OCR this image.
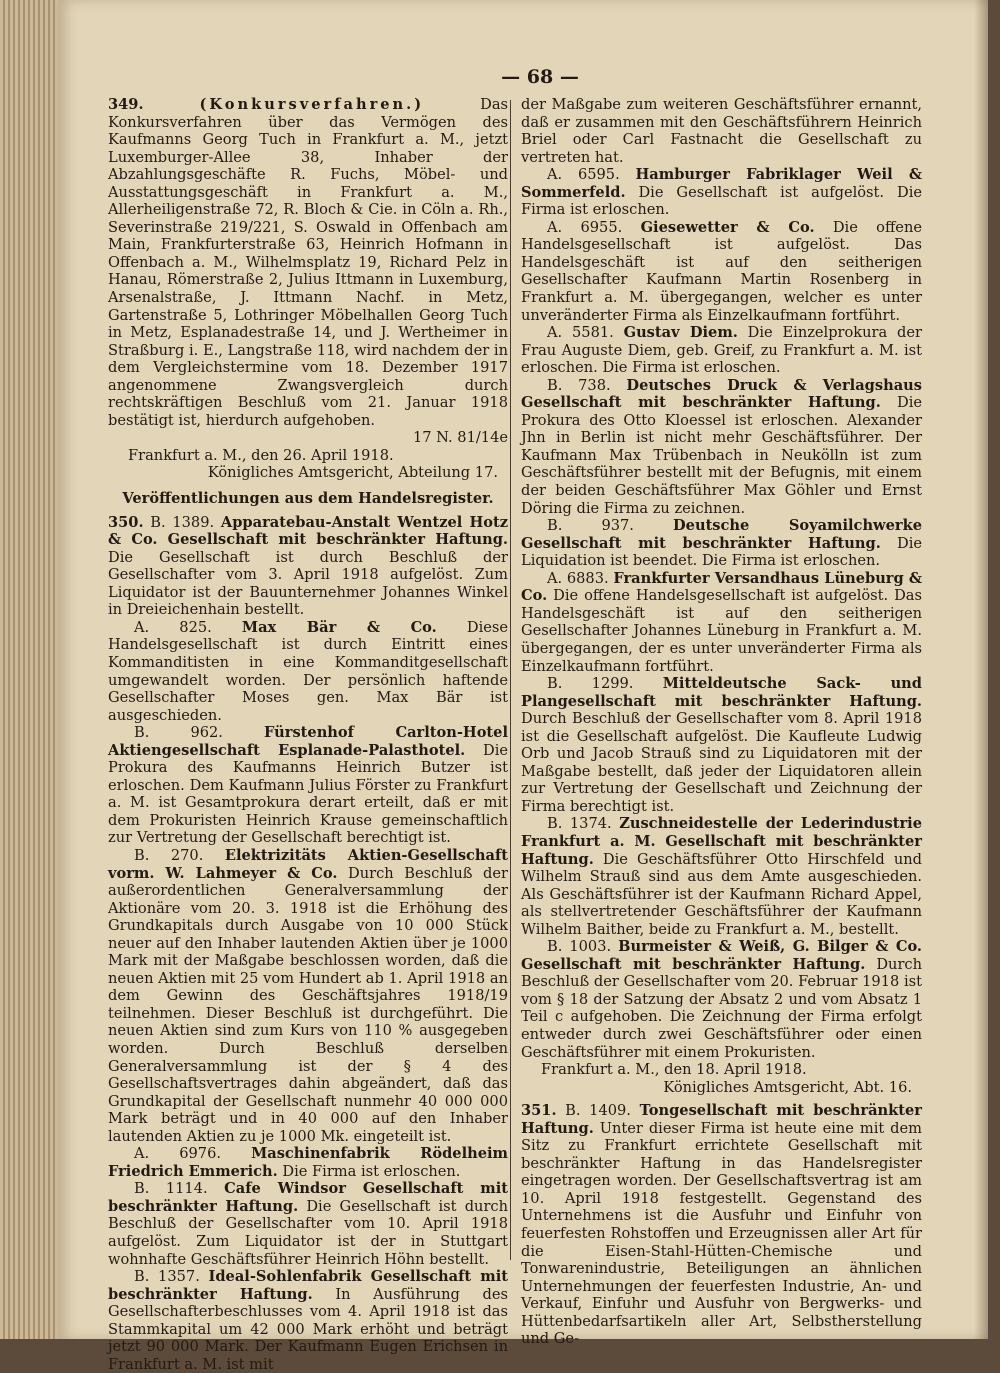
— 68 —

349.	(Konkursverfahren.)	Das Konkursverfahren über das Vermögen des Kaufmanns Georg Tuch in Frankfurt a. M., jetzt Luxemburger-Allee 38, Inhaber der Abzahlungsgeschäfte R. Fuchs, Möbel- und Ausstattungsgeschäft in Frankfurt a. M., Allerheiligenstraße 72, R. Bloch & Cie. in Cöln a. Rh., Severinstraße 219/221, S. Oswald in Offenbach am Main, Frankfurterstraße 63, Heinrich Hofmann in Offenbach a. M., Wilhelmsplatz 19, Richard Pelz in Hanau, Römerstraße 2, Julius Ittmann in Luxemburg, Arsenalstraße, J. Ittmann Nachf. in Metz, Gartenstraße 5, Lothringer Möbelhallen Georg Tuch in Metz, Esplanadestraße 14, und J. Wertheimer in Straßburg i. E., Langstraße 118, wird nachdem der in dem Vergleichstermine vom 18. Dezember 1917 angenommene Zwangsvergleich durch rechtskräftigen Beschluß vom 21. Januar 1918 bestätigt ist, hierdurch aufgehoben.

17 N. 81/14e

Frankfurt a. M., den 26. April 1918.

Königliches Amtsgericht, Abteilung 17.

Veröffentlichungen aus dem Handelsregister.

350. B. 1389. Apparatebau-Anstalt Wentzel Hotz & Co. Gesellschaft mit beschränkter Haftung. Die Gesellschaft ist durch Beschluß der Gesellschafter vom 3. April 1918 aufgelöst. Zum Liquidator ist der Bauunternehmer Johannes Winkel in Dreieichenhain bestellt.

A. 825. Max Bär & Co. Diese Handelsgesellschaft ist durch Eintritt eines Kommanditisten in eine Kommanditgesellschaft umgewandelt worden. Der persönlich haftende Gesellschafter Moses gen. Max Bär ist ausgeschieden.

B. 962.	Fürstenhof Carlton-Hotel Aktiengesellschaft Esplanade-Palasthotel. Die Prokura des Kaufmanns Heinrich Butzer ist erloschen. Dem Kaufmann Julius Förster zu Frankfurt a. M. ist Gesamtprokura derart erteilt, daß er mit dem Prokuristen Heinrich Krause gemeinschaftlich zur Vertretung der Gesellschaft berechtigt ist.

B. 270. Elektrizitäts Aktien-Gesellschaft vorm. W. Lahmeyer & Co. Durch Beschluß der außerordentlichen Generalversammlung der Aktionäre vom 20. 3. 1918 ist die Erhöhung des Grundkapitals durch Ausgabe von 10 000 Stück neuer auf den Inhaber lautenden Aktien über je 1000 Mark mit der Maßgabe beschlossen worden, daß die neuen Aktien mit 25 vom Hundert ab 1. April 1918 an dem Gewinn des Geschäftsjahres 1918/19 teilnehmen. Dieser Beschluß ist durchgeführt. Die neuen Aktien sind zum Kurs von 110 % ausgegeben worden. Durch Beschluß derselben Generalversammlung ist der § 4 des Gesellschaftsvertrages dahin abgeändert, daß das Grundkapital der Gesellschaft nunmehr 40 000 000 Mark beträgt und in 40 000 auf den Inhaber lautenden Aktien zu je 1000 Mk. eingeteilt ist.

A. 6976. Maschinenfabrik Rödelheim Friedrich Emmerich. Die Firma ist erloschen.

B. 1114. Cafe Windsor Gesellschaft mit beschränkter Haftung. Die Gesellschaft ist durch Beschluß der Gesellschafter vom 10. April 1918 aufgelöst. Zum Liquidator ist der in Stuttgart wohnhafte Geschäftsführer Heinrich Höhn bestellt.

B. 1357. Ideal-Sohlenfabrik Gesellschaft mit beschränkter Haftung. In Ausführung des Gesellschafterbeschlusses vom 4. April 1918 ist das Stammkapital um 42 000 Mark erhöht und beträgt jetzt 90 000 Mark. Der Kaufmann Eugen Erichsen in Frankfurt a. M. ist mit

der Maßgabe zum weiteren Geschäftsführer ernannt, daß er zusammen mit den Geschäftsführern Heinrich Briel oder Carl Fastnacht die Gesellschaft zu vertreten hat.

A. 6595. Hamburger Fabriklager Weil & Sommerfeld. Die Gesellschaft ist aufgelöst. Die Firma ist erloschen.

A. 6955. Giesewetter & Co. Die offene Handelsgesellschaft ist aufgelöst. Das Handelsgeschäft ist auf den seitherigen Gesellschafter Kaufmann Martin Rosenberg in Frankfurt a. M. übergegangen, welcher es unter unveränderter Firma als Einzelkaufmann fortführt.

A. 5581. Gustav Diem. Die Einzelprokura der Frau Auguste Diem, geb. Greif, zu Frankfurt a. M. ist erloschen. Die Firma ist erloschen.

B. 738. Deutsches Druck & Verlagshaus Gesellschaft mit beschränkter Haftung. Die Prokura des Otto Kloessel ist erloschen. Alexander Jhn in Berlin ist nicht mehr Geschäftsführer. Der Kaufmann Max Trübenbach in Neukölln ist zum Geschäftsführer bestellt mit der Befugnis, mit einem der beiden Geschäftsführer Max Göhler und Ernst Döring die Firma zu zeichnen.

B. 937.	Deutsche Soyamilchwerke Gesellschaft mit beschränkter Haftung. Die Liquidation ist beendet. Die Firma ist erloschen.

A. 6883. Frankfurter Versandhaus Lüneburg & Co. Die offene Handelsgesellschaft ist aufgelöst. Das Handelsgeschäft ist auf den seitherigen Gesellschafter Johannes Lüneburg in Frankfurt a. M. übergegangen, der es unter unveränderter Firma als Einzelkaufmann fortführt.

B. 1299. Mitteldeutsche Sack- und Plangesellschaft mit beschränkter Haftung. Durch Beschluß der Gesellschafter vom 8. April 1918 ist die Gesellschaft aufgelöst. Die Kaufleute Ludwig Orb und Jacob Strauß sind zu Liquidatoren mit der Maßgabe bestellt, daß jeder der Liquidatoren allein zur Vertretung der Gesellschaft und Zeichnung der Firma berechtigt ist.

B. 1374. Zuschneidestelle der Lederindustrie Frankfurt a. M. Gesellschaft mit beschränkter Haftung. Die Geschäftsführer Otto Hirschfeld und Wilhelm Strauß sind aus dem Amte ausgeschieden. Als Geschäftsführer ist der Kaufmann Richard Appel, als stellvertretender Geschäftsführer der Kaufmann Wilhelm Baither, beide zu Frankfurt a. M., bestellt.

B. 1003. Burmeister & Weiß, G. Bilger & Co. Gesellschaft mit beschränkter Haftung. Durch Beschluß der Gesellschafter vom 20. Februar 1918 ist vom § 18 der Satzung der Absatz 2 und vom Absatz 1 Teil c aufgehoben. Die Zeichnung der Firma erfolgt entweder durch zwei Geschäftsführer oder einen Geschäftsführer mit einem Prokuristen.

Frankfurt a. M., den 18. April 1918.

Königliches Amtsgericht, Abt. 16.

351. B. 1409. Tongesellschaft mit beschränkter Haftung. Unter dieser Firma ist heute eine mit dem Sitz zu Frankfurt errichtete Gesellschaft mit beschränkter Haftung in das Handelsregister eingetragen worden. Der Gesellschaftsvertrag ist am 10. April 1918 festgestellt. Gegenstand des Unternehmens ist die Ausfuhr und Einfuhr von feuerfesten Rohstoffen und Erzeugnissen aller Art für die Eisen-Stahl-Hütten-Chemische und Tonwarenindustrie, Beteiligungen an ähnlichen Unternehmungen der feuerfesten Industrie, An- und Verkauf, Einfuhr und Ausfuhr von Bergwerks- und Hüttenbedarfsartikeln aller Art, Selbstherstellung und Ge-
